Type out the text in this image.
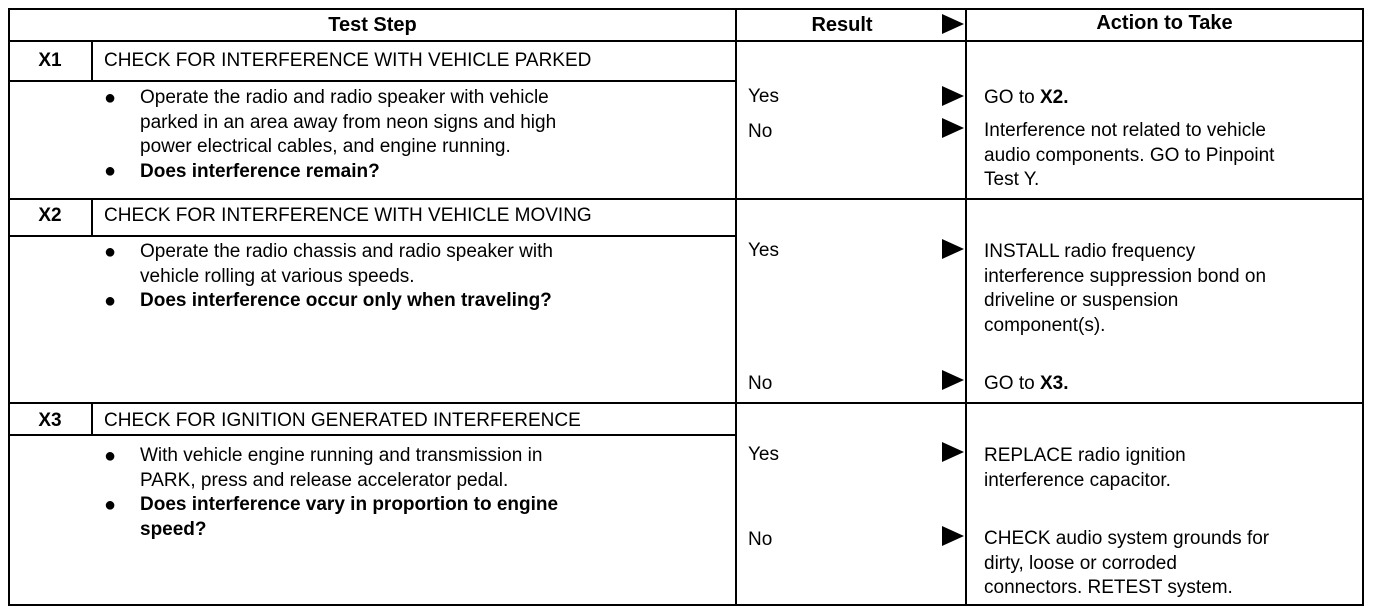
Test Step	Result	Action to Take
X1	CHECK FOR INTERFERENCE WITH VEHICLE PARKED
● Operate the radio and radio speaker with vehicle
parked in an area away from neon signs and high
power electrical cables, and engine running.
● Does interference remain?
Yes	GO to X2.
No	Interference not related to vehicle
audio components. GO to Pinpoint
Test Y.
X2	CHECK FOR INTERFERENCE WITH VEHICLE MOVING
● Operate the radio chassis and radio speaker with
vehicle rolling at various speeds.
● Does interference occur only when traveling?
Yes	INSTALL radio frequency
interference suppression bond on
driveline or suspension
component(s).
No	GO to X3.
X3	CHECK FOR IGNITION GENERATED INTERFERENCE
● With vehicle engine running and transmission in
PARK, press and release accelerator pedal.
● Does interference vary in proportion to engine
speed?
Yes	REPLACE radio ignition
interference capacitor.
No	CHECK audio system grounds for
dirty, loose or corroded
connectors. RETEST system.
